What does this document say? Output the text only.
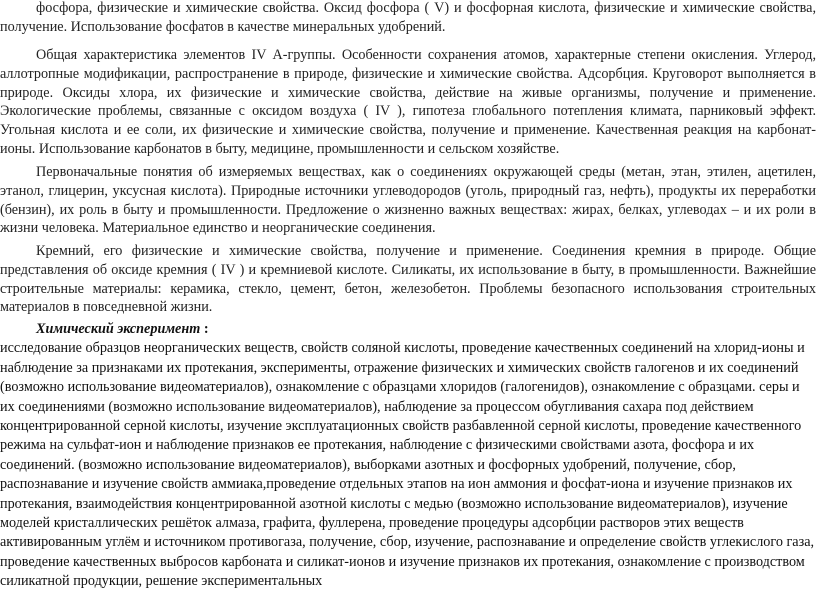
фосфора, физические и химические свойства. Оксид фосфора ( V) и фосфорная кислота, физические и химические свойства, получение. Использование фосфатов в качестве минеральных удобрений.

Общая характеристика элементов IV А-группы. Особенности сохранения атомов, характерные степени окисления. Углерод, аллотропные модификации, распространение в природе, физические и химические свойства. Адсорбция. Круговорот выполняется в природе. Оксиды хлора, их физические и химические свойства, действие на живые организмы, получение и применение. Экологические проблемы, связанные с оксидом воздуха ( IV ), гипотеза глобального потепления климата, парниковый эффект. Угольная кислота и ее соли, их физические и химические свойства, получение и применение. Качественная реакция на карбонат-ионы. Использование карбонатов в быту, медицине, промышленности и сельском хозяйстве.

Первоначальные понятия об измеряемых веществах, как о соединениях окружающей среды (метан, этан, этилен, ацетилен, этанол, глицерин, уксусная кислота). Природные источники углеводородов (уголь, природный газ, нефть), продукты их переработки (бензин), их роль в быту и промышленности. Предложение о жизненно важных веществах: жирах, белках, углеводах – и их роли в жизни человека. Материальное единство и неорганические соединения.

Кремний, его физические и химические свойства, получение и применение. Соединения кремния в природе. Общие представления об оксиде кремния ( IV ) и кремниевой кислоте. Силикаты, их использование в быту, в промышленности. Важнейшие строительные материалы: керамика, стекло, цемент, бетон, железобетон. Проблемы безопасного использования строительных материалов в повседневной жизни.

Химический эксперимент :
исследование образцов неорганических веществ, свойств соляной кислоты, проведение качественных соединений на хлорид-ионы и наблюдение за признаками их протекания, эксперименты, отражение физических и химических свойств галогенов и их соединений (возможно использование видеоматериалов), ознакомление с образцами хлоридов (галогенидов), ознакомление с образцами. серы и их соединениями (возможно использование видеоматериалов), наблюдение за процессом обугливания сахара под действием концентрированной серной кислоты, изучение эксплуатационных свойств разбавленной серной кислоты, проведение качественного режима на сульфат-ион и наблюдение признаков ее протекания, наблюдение с физическими свойствами азота, фосфора и их соединений. (возможно использование видеоматериалов), выборками азотных и фосфорных удобрений, получение, сбор, распознавание и изучение свойств аммиака,проведение отдельных этапов на ион аммония и фосфат-иона и изучение признаков их протекания, взаимодействия концентрированной азотной кислоты с медью (возможно использование видеоматериалов), изучение моделей кристаллических решёток алмаза, графита, фуллерена, проведение процедуры адсорбции растворов этих веществ активированным углём и источником противогаза, получение, сбор, изучение, распознавание и определение свойств углекислого газа, проведение качественных выбросов карбоната и силикат-ионов и изучение признаков их протекания, ознакомление с производством силикатной продукции, решение экспериментальных
